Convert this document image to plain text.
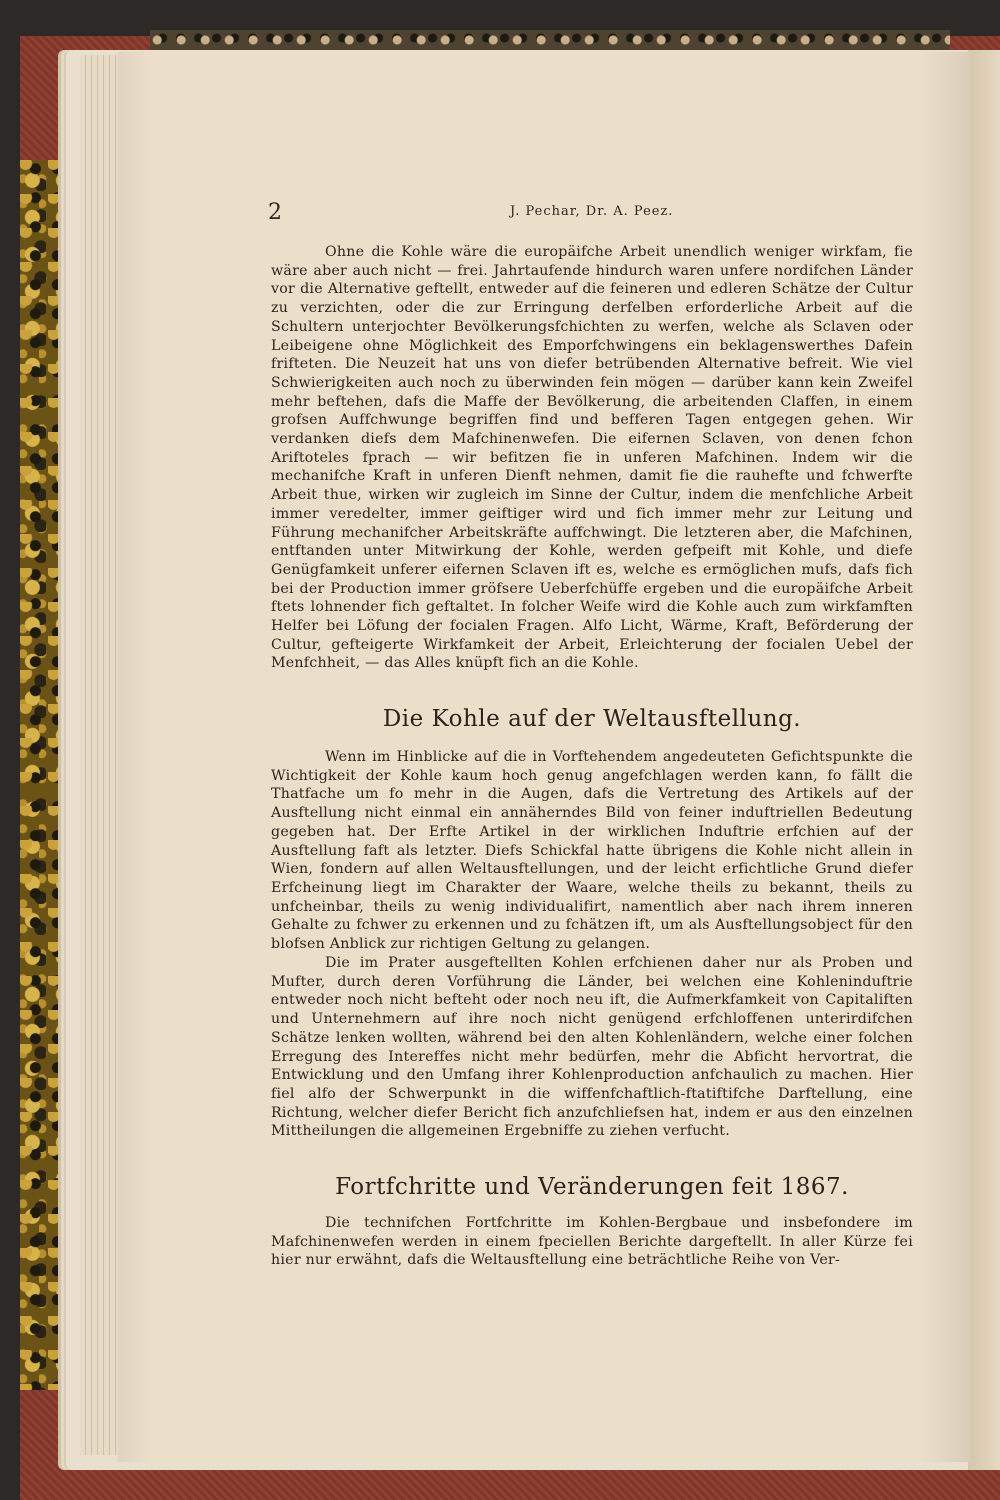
2	J. Pechar, Dr. A. Peez.

Ohne die Kohle wäre die europäifche Arbeit unendlich weniger wirkfam, fie wäre aber auch nicht — frei. Jahrtaufende hindurch waren unfere nordifchen Länder vor die Alternative geftellt, entweder auf die feineren und edleren Schätze der Cultur zu verzichten, oder die zur Erringung derfelben erforderliche Arbeit auf die Schultern unterjochter Bevölkerungsfchichten zu werfen, welche als Sclaven oder Leibeigene ohne Möglichkeit des Emporfchwingens ein beklagenswerthes Dafein frifteten. Die Neuzeit hat uns von diefer betrübenden Alternative befreit. Wie viel Schwierigkeiten auch noch zu überwinden fein mögen — darüber kann kein Zweifel mehr beftehen, dafs die Maffe der Bevölkerung, die arbeitenden Claffen, in einem grofsen Auffchwunge begriffen find und befferen Tagen entgegen gehen. Wir verdanken diefs dem Mafchinenwefen. Die eifernen Sclaven, von denen fchon Ariftoteles fprach — wir befitzen fie in unferen Mafchinen. Indem wir die mechanifche Kraft in unferen Dienft nehmen, damit fie die rauhefte und fchwerfte Arbeit thue, wirken wir zugleich im Sinne der Cultur, indem die menfchliche Arbeit immer veredelter, immer geiftiger wird und fich immer mehr zur Leitung und Führung mechanifcher Arbeitskräfte auffchwingt. Die letzteren aber, die Mafchinen, entftanden unter Mitwirkung der Kohle, werden gefpeift mit Kohle, und diefe Genügfamkeit unferer eifernen Sclaven ift es, welche es ermöglichen mufs, dafs fich bei der Production immer gröfsere Ueberfchüffe ergeben und die europäifche Arbeit ftets lohnender fich geftaltet. In folcher Weife wird die Kohle auch zum wirkfamften Helfer bei Löfung der focialen Fragen. Alfo Licht, Wärme, Kraft, Beförderung der Cultur, gefteigerte Wirkfamkeit der Arbeit, Erleichterung der focialen Uebel der Menfchheit, — das Alles knüpft fich an die Kohle.

Die Kohle auf der Weltausftellung.

Wenn im Hinblicke auf die in Vorftehendem angedeuteten Gefichtspunkte die Wichtigkeit der Kohle kaum hoch genug angefchlagen werden kann, fo fällt die Thatfache um fo mehr in die Augen, dafs die Vertretung des Artikels auf der Ausftellung nicht einmal ein annäherndes Bild von feiner induftriellen Bedeutung gegeben hat. Der Erfte Artikel in der wirklichen Induftrie erfchien auf der Ausftellung faft als letzter. Diefs Schickfal hatte übrigens die Kohle nicht allein in Wien, fondern auf allen Weltausftellungen, und der leicht erfichtliche Grund diefer Erfcheinung liegt im Charakter der Waare, welche theils zu bekannt, theils zu unfcheinbar, theils zu wenig individualifirt, namentlich aber nach ihrem inneren Gehalte zu fchwer zu erkennen und zu fchätzen ift, um als Ausftellungsobject für den blofsen Anblick zur richtigen Geltung zu gelangen.

Die im Prater ausgeftellten Kohlen erfchienen daher nur als Proben und Mufter, durch deren Vorführung die Länder, bei welchen eine Kohleninduftrie entweder noch nicht befteht oder noch neu ift, die Aufmerkfamkeit von Capitaliften und Unternehmern auf ihre noch nicht genügend erfchloffenen unterirdifchen Schätze lenken wollten, während bei den alten Kohlenländern, welche einer folchen Erregung des Intereffes nicht mehr bedürfen, mehr die Abficht hervortrat, die Entwicklung und den Umfang ihrer Kohlenproduction anfchaulich zu machen. Hier fiel alfo der Schwerpunkt in die wiffenfchaftlich-ftatiftifche Darftellung, eine Richtung, welcher diefer Bericht fich anzufchliefsen hat, indem er aus den einzelnen Mittheilungen die allgemeinen Ergebniffe zu ziehen verfucht.

Fortfchritte und Veränderungen feit 1867.

Die technifchen Fortfchritte im Kohlen-Bergbaue und insbefondere im Mafchinenwefen werden in einem fpeciellen Berichte dargeftellt. In aller Kürze fei hier nur erwähnt, dafs die Weltausftellung eine beträchtliche Reihe von Ver-
